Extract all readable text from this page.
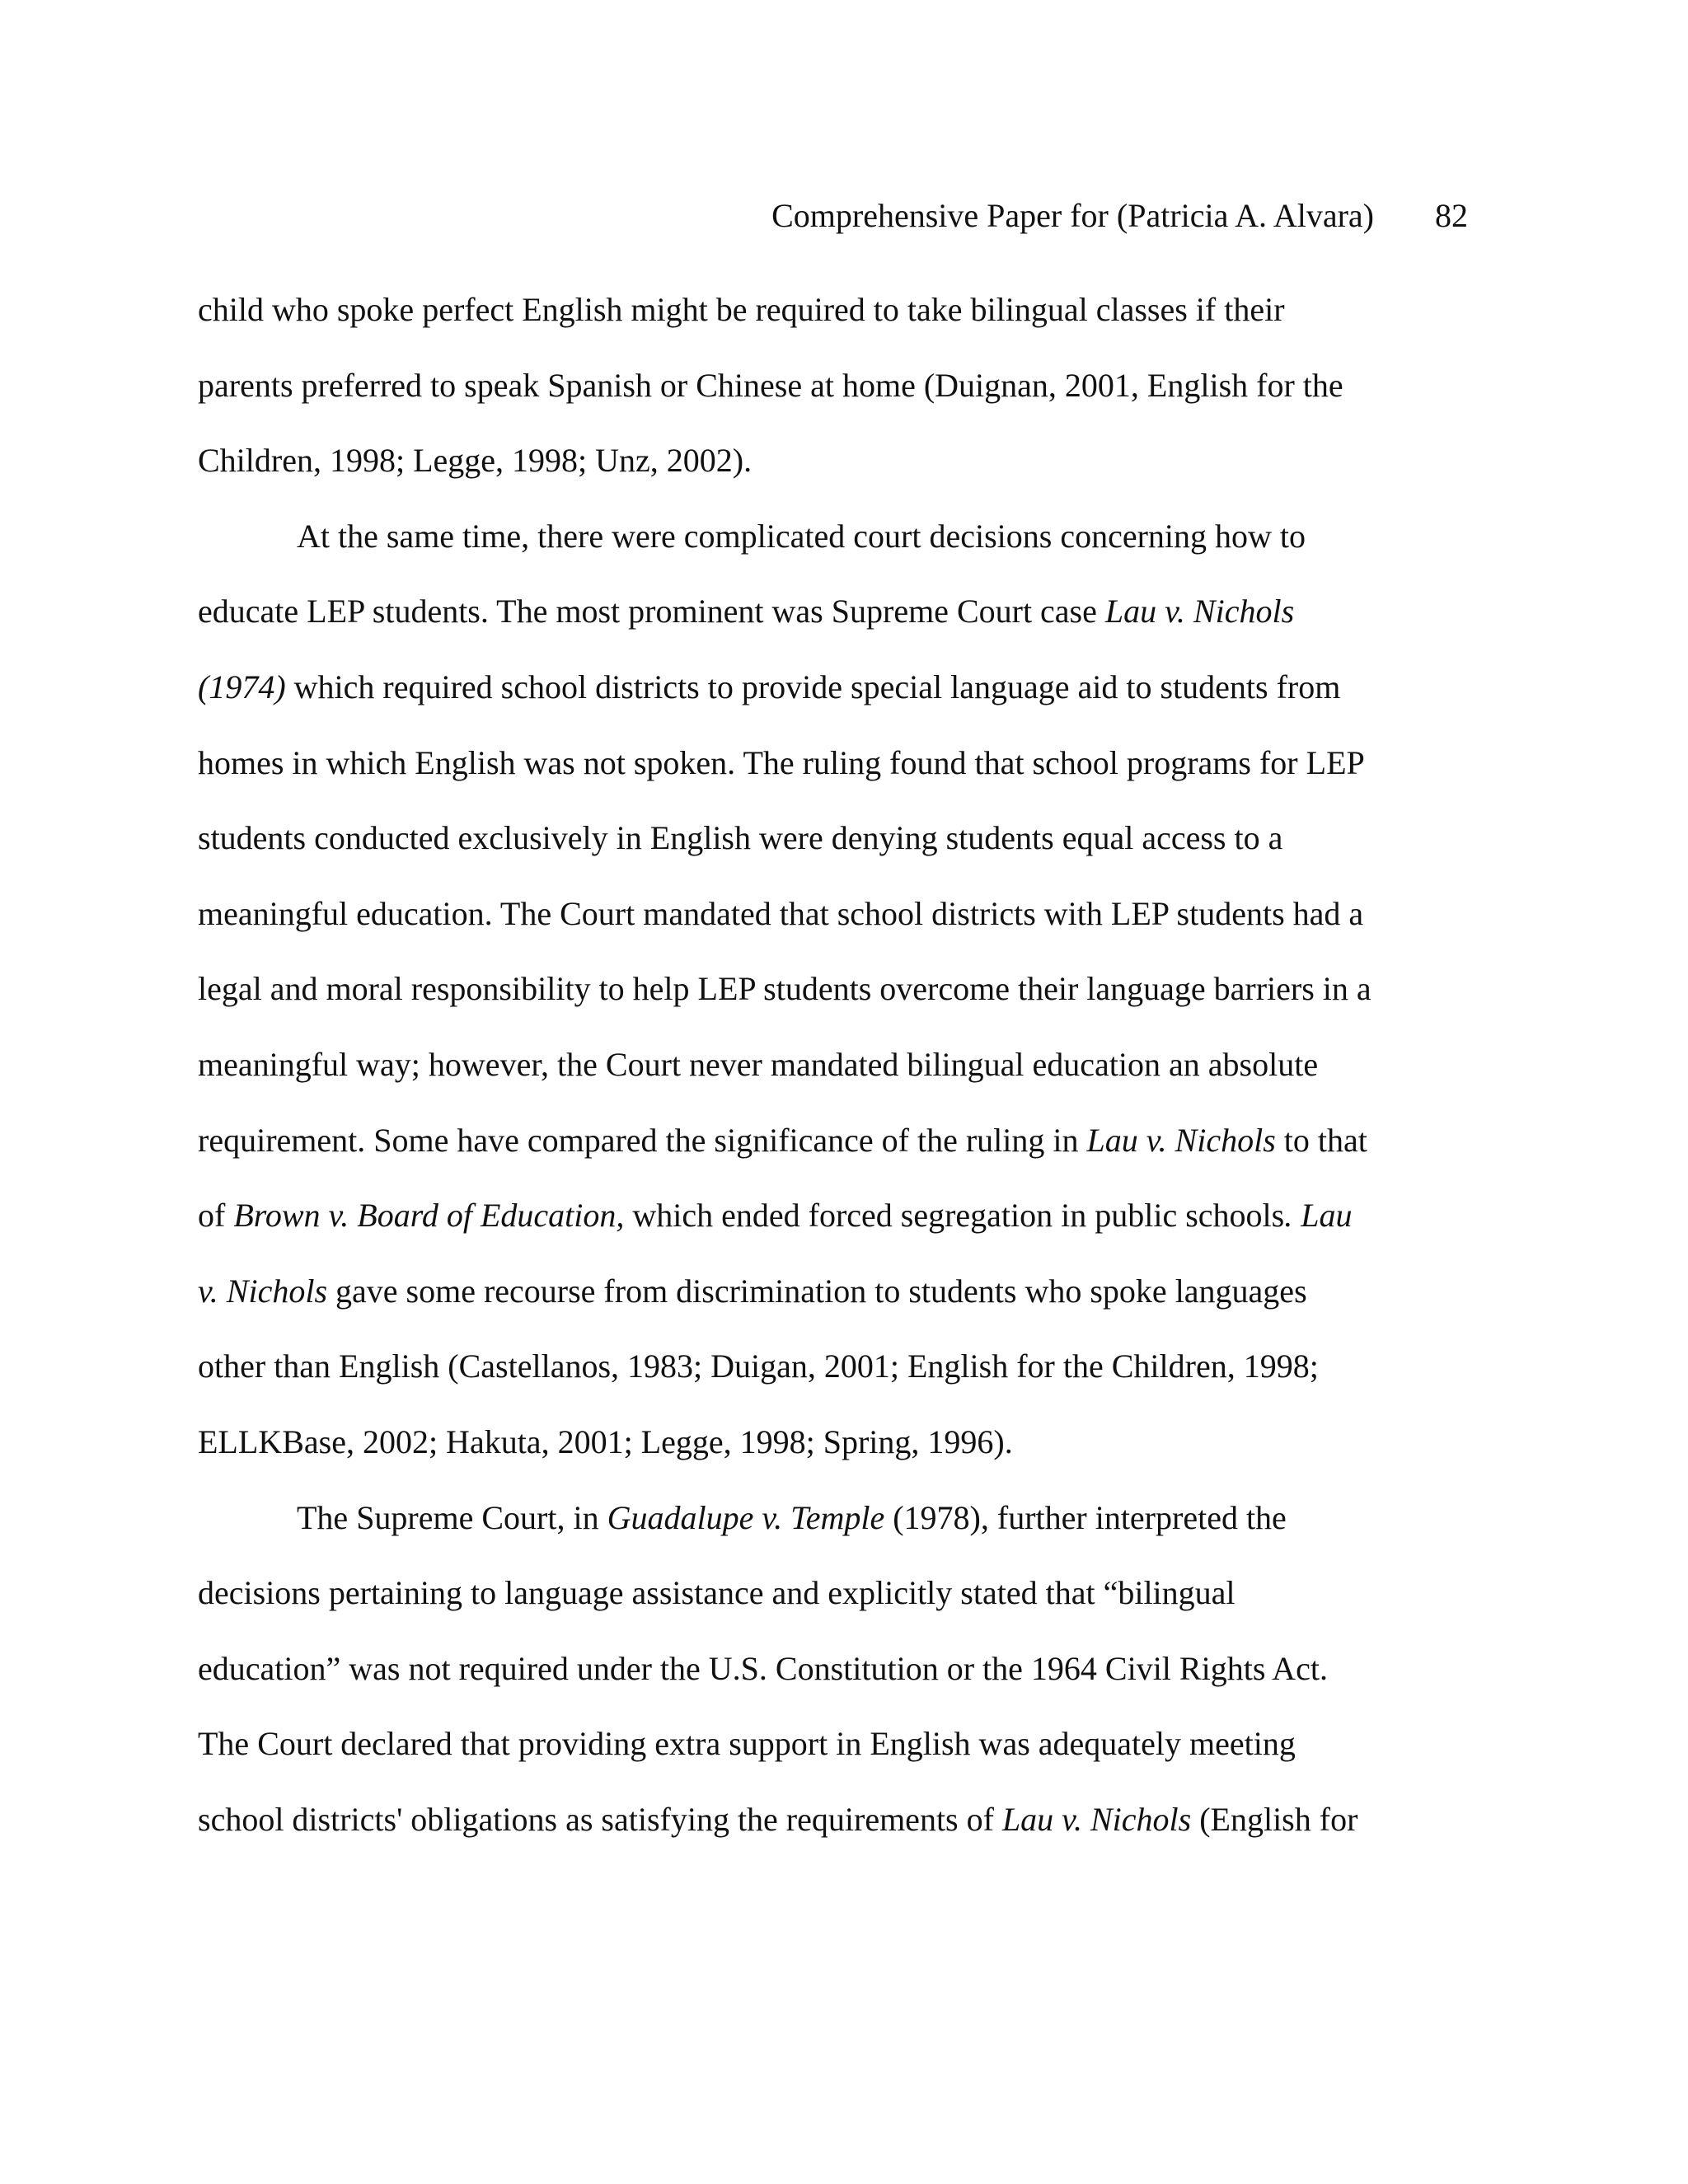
Comprehensive Paper for (Patricia A. Alvara) 82
child who spoke perfect English might be required to take bilingual classes if their
parents preferred to speak Spanish or Chinese at home (Duignan, 2001, English for the
Children, 1998; Legge, 1998; Unz, 2002).
At the same time, there were complicated court decisions concerning how to
educate LEP students. The most prominent was Supreme Court case Lau v. Nichols
(1974) which required school districts to provide special language aid to students from
homes in which English was not spoken. The ruling found that school programs for LEP
students conducted exclusively in English were denying students equal access to a
meaningful education. The Court mandated that school districts with LEP students had a
legal and moral responsibility to help LEP students overcome their language barriers in a
meaningful way; however, the Court never mandated bilingual education an absolute
requirement. Some have compared the significance of the ruling in Lau v. Nichols to that
of Brown v. Board of Education, which ended forced segregation in public schools. Lau
v. Nichols gave some recourse from discrimination to students who spoke languages
other than English (Castellanos, 1983; Duigan, 2001; English for the Children, 1998;
ELLKBase, 2002; Hakuta, 2001; Legge, 1998; Spring, 1996).
The Supreme Court, in Guadalupe v. Temple (1978), further interpreted the
decisions pertaining to language assistance and explicitly stated that “bilingual
education” was not required under the U.S. Constitution or the 1964 Civil Rights Act.
The Court declared that providing extra support in English was adequately meeting
school districts' obligations as satisfying the requirements of Lau v. Nichols (English for
